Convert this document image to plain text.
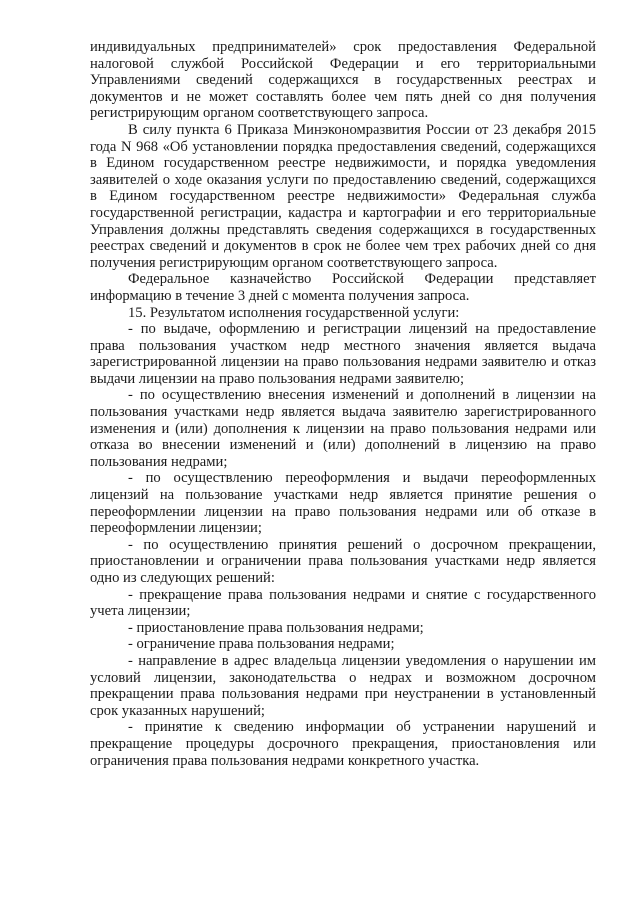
индивидуальных предпринимателей» срок предоставления Федеральной налоговой службой Российской Федерации и его территориальными Управлениями сведений содержащихся в государственных реестрах и документов и не может составлять более чем пять дней со дня получения регистрирующим органом соответствующего запроса.

В силу пункта 6 Приказа Минэкономразвития России от 23 декабря 2015 года N 968 «Об установлении порядка предоставления сведений, содержащихся в Едином государственном реестре недвижимости, и порядка уведомления заявителей о ходе оказания услуги по предоставлению сведений, содержащихся в Едином государственном реестре недвижимости» Федеральная служба государственной регистрации, кадастра и картографии и его территориальные Управления должны представлять сведения содержащихся в государственных реестрах сведений и документов в срок не более чем трех рабочих дней со дня получения регистрирующим органом соответствующего запроса.

Федеральное казначейство Российской Федерации представляет информацию в течение 3 дней с момента получения запроса.

15. Результатом исполнения государственной услуги:

- по выдаче, оформлению и регистрации лицензий на предоставление права пользования участком недр местного значения является выдача зарегистрированной лицензии на право пользования недрами заявителю и отказ выдачи лицензии на право пользования недрами заявителю;

- по осуществлению внесения изменений и дополнений в лицензии на пользования участками недр является выдача заявителю зарегистрированного изменения и (или) дополнения к лицензии на право пользования недрами или отказа во внесении изменений и (или) дополнений в лицензию на право пользования недрами;

- по осуществлению переоформления и выдачи переоформленных лицензий на пользование участками недр является принятие решения о переоформлении лицензии на право пользования недрами или об отказе в переоформлении лицензии;

- по осуществлению принятия решений о досрочном прекращении, приостановлении и ограничении права пользования участками недр является одно из следующих решений:

- прекращение права пользования недрами и снятие с государственного учета лицензии;

- приостановление права пользования недрами;

- ограничение права пользования недрами;

- направление в адрес владельца лицензии уведомления о нарушении им условий лицензии, законодательства о недрах и возможном досрочном прекращении права пользования недрами при неустранении в установленный срок указанных нарушений;

- принятие к сведению информации об устранении нарушений и прекращение процедуры досрочного прекращения, приостановления или ограничения права пользования недрами конкретного участка.
